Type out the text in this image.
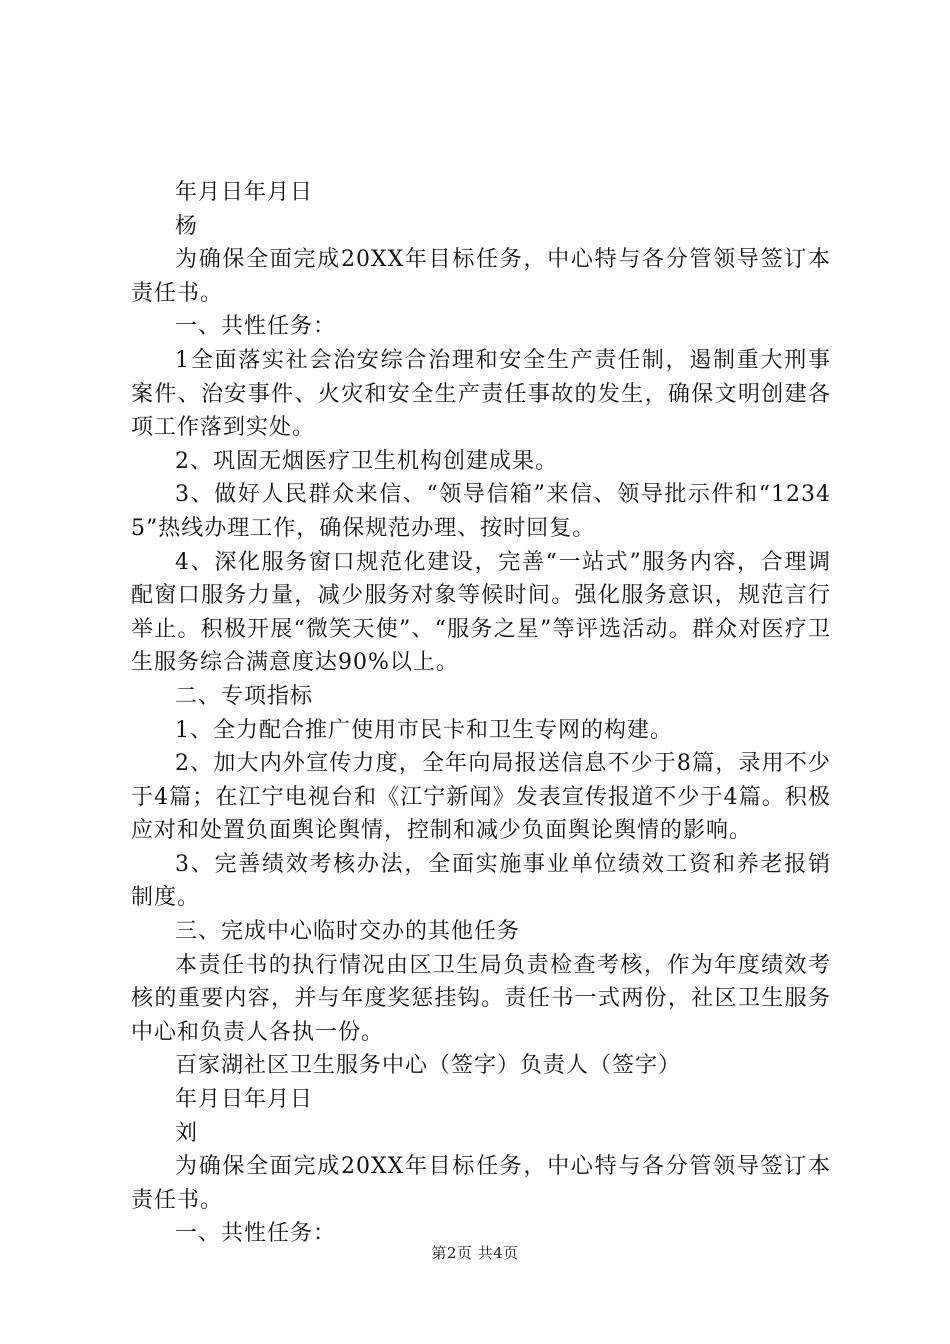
年月日年月日

杨

为确保全面完成20XX年目标任务，中心特与各分管领导签订本责任书。

一、共性任务：

1全面落实社会治安综合治理和安全生产责任制，遏制重大刑事案件、治安事件、火灾和安全生产责任事故的发生，确保文明创建各项工作落到实处。

2、巩固无烟医疗卫生机构创建成果。

3、做好人民群众来信、“领导信箱”来信、领导批示件和“12345”热线办理工作，确保规范办理、按时回复。

4、深化服务窗口规范化建设，完善“一站式”服务内容，合理调配窗口服务力量，减少服务对象等候时间。强化服务意识，规范言行举止。积极开展“微笑天使”、“服务之星”等评选活动。群众对医疗卫生服务综合满意度达90%以上。

二、专项指标

1、全力配合推广使用市民卡和卫生专网的构建。

2、加大内外宣传力度，全年向局报送信息不少于8篇，录用不少于4篇；在江宁电视台和《江宁新闻》发表宣传报道不少于4篇。积极应对和处置负面舆论舆情，控制和减少负面舆论舆情的影响。

3、完善绩效考核办法，全面实施事业单位绩效工资和养老报销制度。

三、完成中心临时交办的其他任务

本责任书的执行情况由区卫生局负责检查考核，作为年度绩效考核的重要内容，并与年度奖惩挂钩。责任书一式两份，社区卫生服务中心和负责人各执一份。

百家湖社区卫生服务中心（签字）负责人（签字）

年月日年月日

刘

为确保全面完成20XX年目标任务，中心特与各分管领导签订本责任书。

一、共性任务：

第2页 共4页
